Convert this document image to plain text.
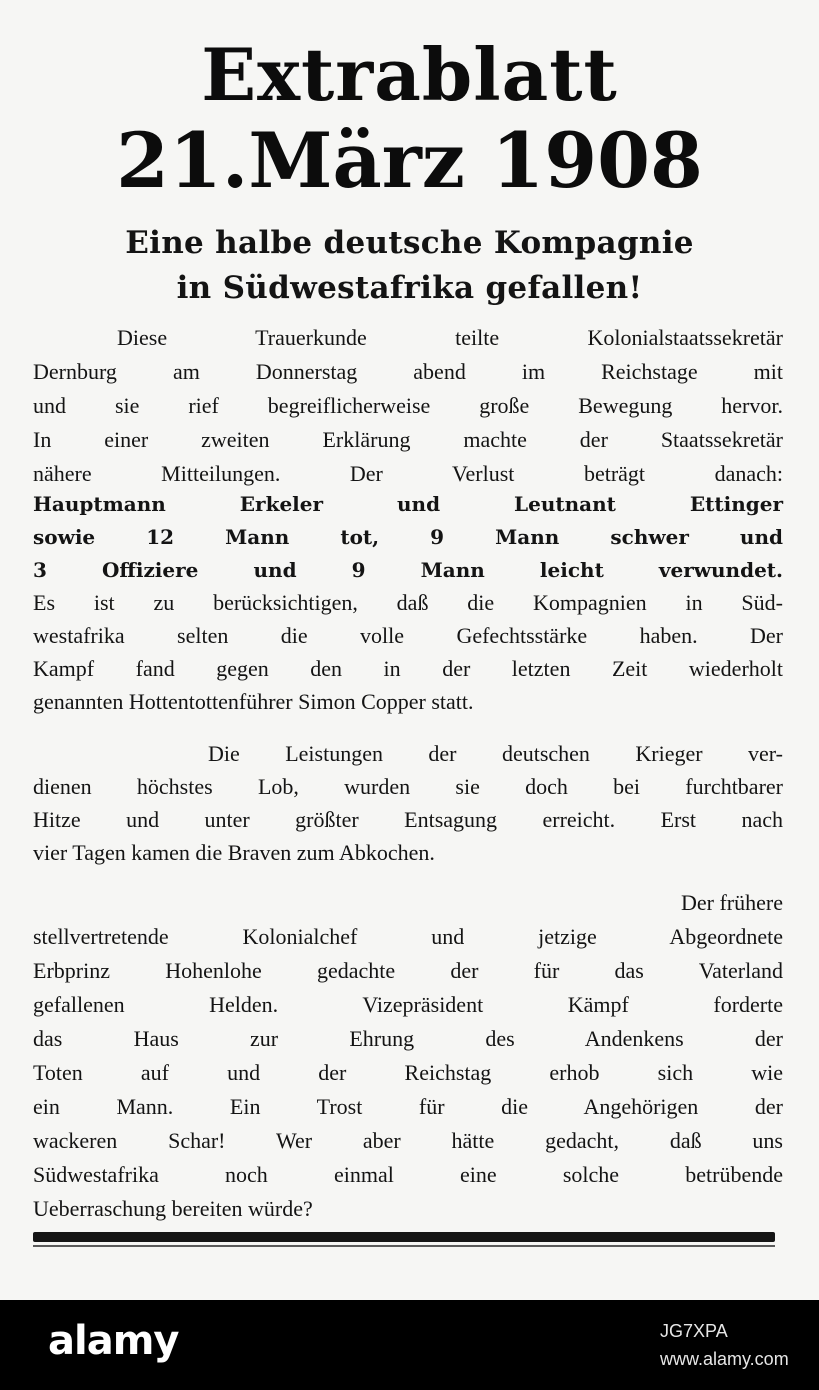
Extrablatt
21.März 1908
Eine halbe deutsche Kompagnie
in Südwestafrika gefallen!
Diese Trauerkunde teilte Kolonialstaatssekretär
Dernburg am Donnerstag abend im Reichstage mit
und sie rief begreiflicherweise große Bewegung hervor.
In einer zweiten Erklärung machte der Staatssekretär
nähere Mitteilungen. Der Verlust beträgt danach:
Hauptmann Erkeler und Leutnant Ettinger
sowie 12 Mann tot, 9 Mann schwer und
3 Offiziere und 9 Mann leicht verwundet.
Es ist zu berücksichtigen, daß die Kompagnien in Süd-
westafrika selten die volle Gefechtsstärke haben. Der
Kampf fand gegen den in der letzten Zeit wiederholt
genannten Hottentottenführer Simon Copper statt.
Die Leistungen der deutschen Krieger ver-
dienen höchstes Lob, wurden sie doch bei furchtbarer
Hitze und unter größter Entsagung erreicht. Erst nach
vier Tagen kamen die Braven zum Abkochen.
Der frühere
stellvertretende Kolonialchef und jetzige Abgeordnete
Erbprinz Hohenlohe gedachte der für das Vaterland
gefallenen Helden. Vizepräsident Kämpf forderte
das Haus zur Ehrung des Andenkens der
Toten auf und der Reichstag erhob sich wie
ein Mann. Ein Trost für die Angehörigen der
wackeren Schar! Wer aber hätte gedacht, daß uns
Südwestafrika noch einmal eine solche betrübende
Ueberraschung bereiten würde?
alamy	JG7XPA
www.alamy.com
